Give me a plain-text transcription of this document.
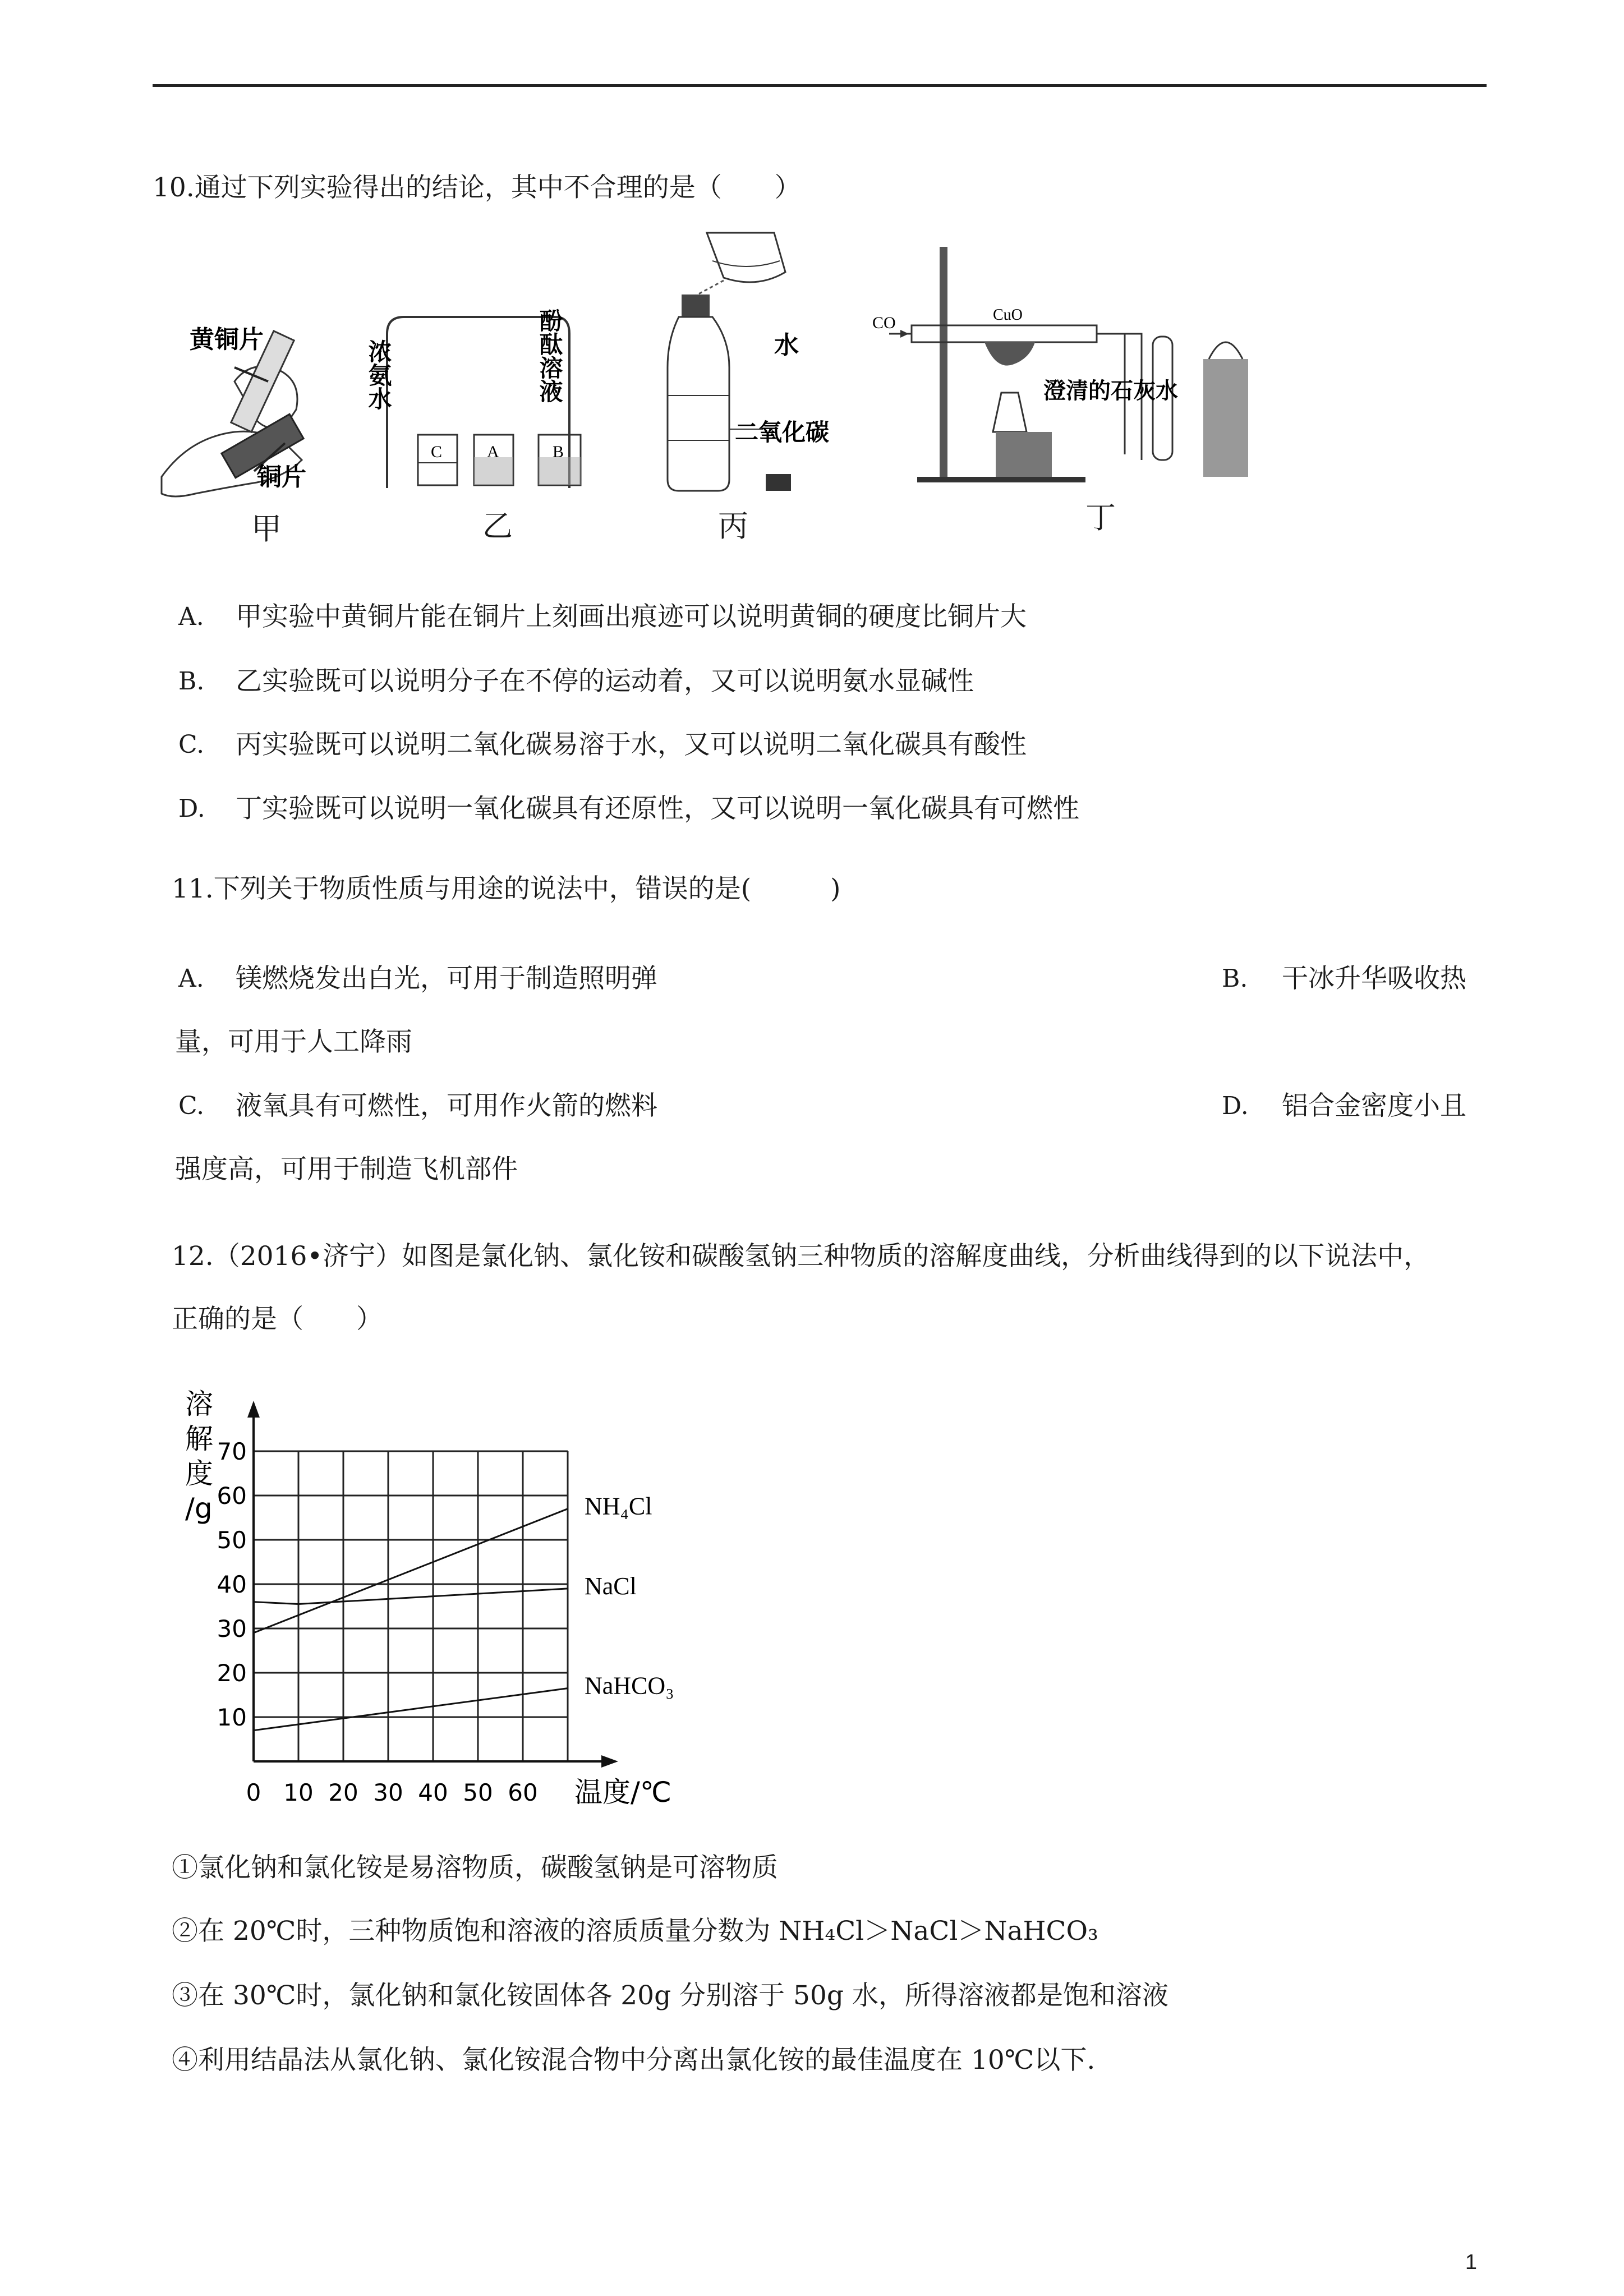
10.通过下列实验得出的结论，其中不合理的是（　　）
黄铜片
铜片
甲
C	A	B
浓氨水	酚酞溶液
乙
水
二氧化碳
丙
CO	CuO
澄清的石灰水
丁
A. 甲实验中黄铜片能在铜片上刻画出痕迹可以说明黄铜的硬度比铜片大
B. 乙实验既可以说明分子在不停的运动着，又可以说明氨水显碱性
C. 丙实验既可以说明二氧化碳易溶于水，又可以说明二氧化碳具有酸性
D. 丁实验既可以说明一氧化碳具有还原性，又可以说明一氧化碳具有可燃性
11.下列关于物质性质与用途的说法中，错误的是(　　　)
A. 镁燃烧发出白光，可用于制造照明弹	B. 干冰升华吸收热
量，可用于人工降雨
C. 液氧具有可燃性，可用作火箭的燃料	D. 铝合金密度小且
强度高，可用于制造飞机部件
12.（2016•济宁）如图是氯化钠、氯化铵和碳酸氢钠三种物质的溶解度曲线，分析曲线得到的以下说法中，
正确的是（　　）
0 10 20 30 40 50 60
10
20
30
40
50
60
70
溶
解
度
/g
温度/℃
NH₄Cl
NaCl
NaHCO₃
①氯化钠和氯化铵是易溶物质，碳酸氢钠是可溶物质
②在 20℃时，三种物质饱和溶液的溶质质量分数为 NH₄Cl＞NaCl＞NaHCO₃
③在 30℃时，氯化钠和氯化铵固体各 20g 分别溶于 50g 水，所得溶液都是饱和溶液
④利用结晶法从氯化钠、氯化铵混合物中分离出氯化铵的最佳温度在 10℃以下.
1
